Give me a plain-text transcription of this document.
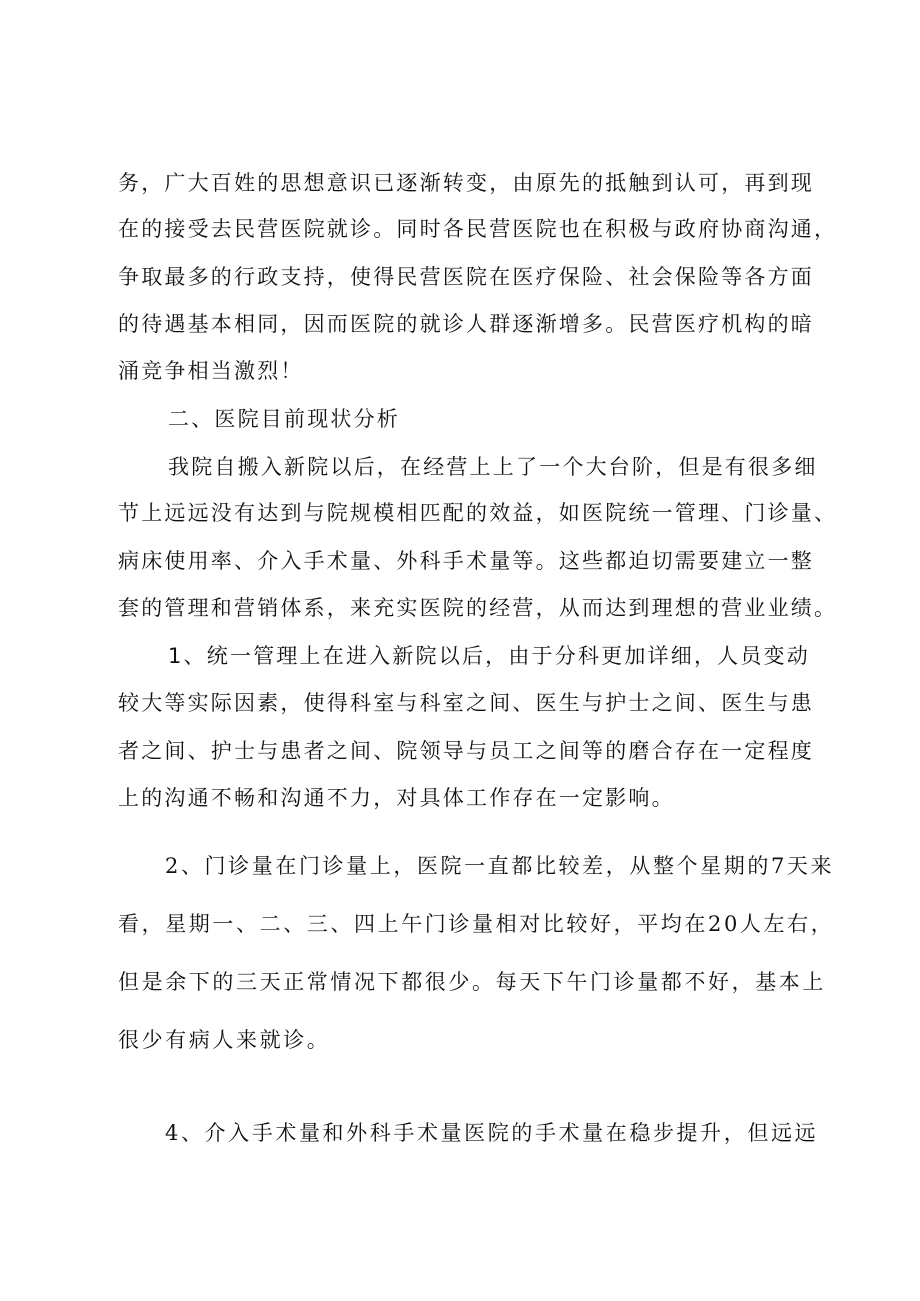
务，广大百姓的思想意识已逐渐转变，由原先的抵触到认可，再到现

在的接受去民营医院就诊。同时各民营医院也在积极与政府协商沟通，

争取最多的行政支持，使得民营医院在医疗保险、社会保险等各方面

的待遇基本相同，因而医院的就诊人群逐渐增多。民营医疗机构的暗

涌竞争相当激烈！

二、医院目前现状分析

我院自搬入新院以后，在经营上上了一个大台阶，但是有很多细

节上远远没有达到与院规模相匹配的效益，如医院统一管理、门诊量、

病床使用率、介入手术量、外科手术量等。这些都迫切需要建立一整

套的管理和营销体系，来充实医院的经营，从而达到理想的营业业绩。

1、统一管理上在进入新院以后，由于分科更加详细，人员变动

较大等实际因素，使得科室与科室之间、医生与护士之间、医生与患

者之间、护士与患者之间、院领导与员工之间等的磨合存在一定程度

上的沟通不畅和沟通不力，对具体工作存在一定影响。

2、门诊量在门诊量上，医院一直都比较差，从整个星期的7天来

看，星期一、二、三、四上午门诊量相对比较好，平均在20人左右，

但是余下的三天正常情况下都很少。每天下午门诊量都不好，基本上

很少有病人来就诊。

4、介入手术量和外科手术量医院的手术量在稳步提升，但远远
